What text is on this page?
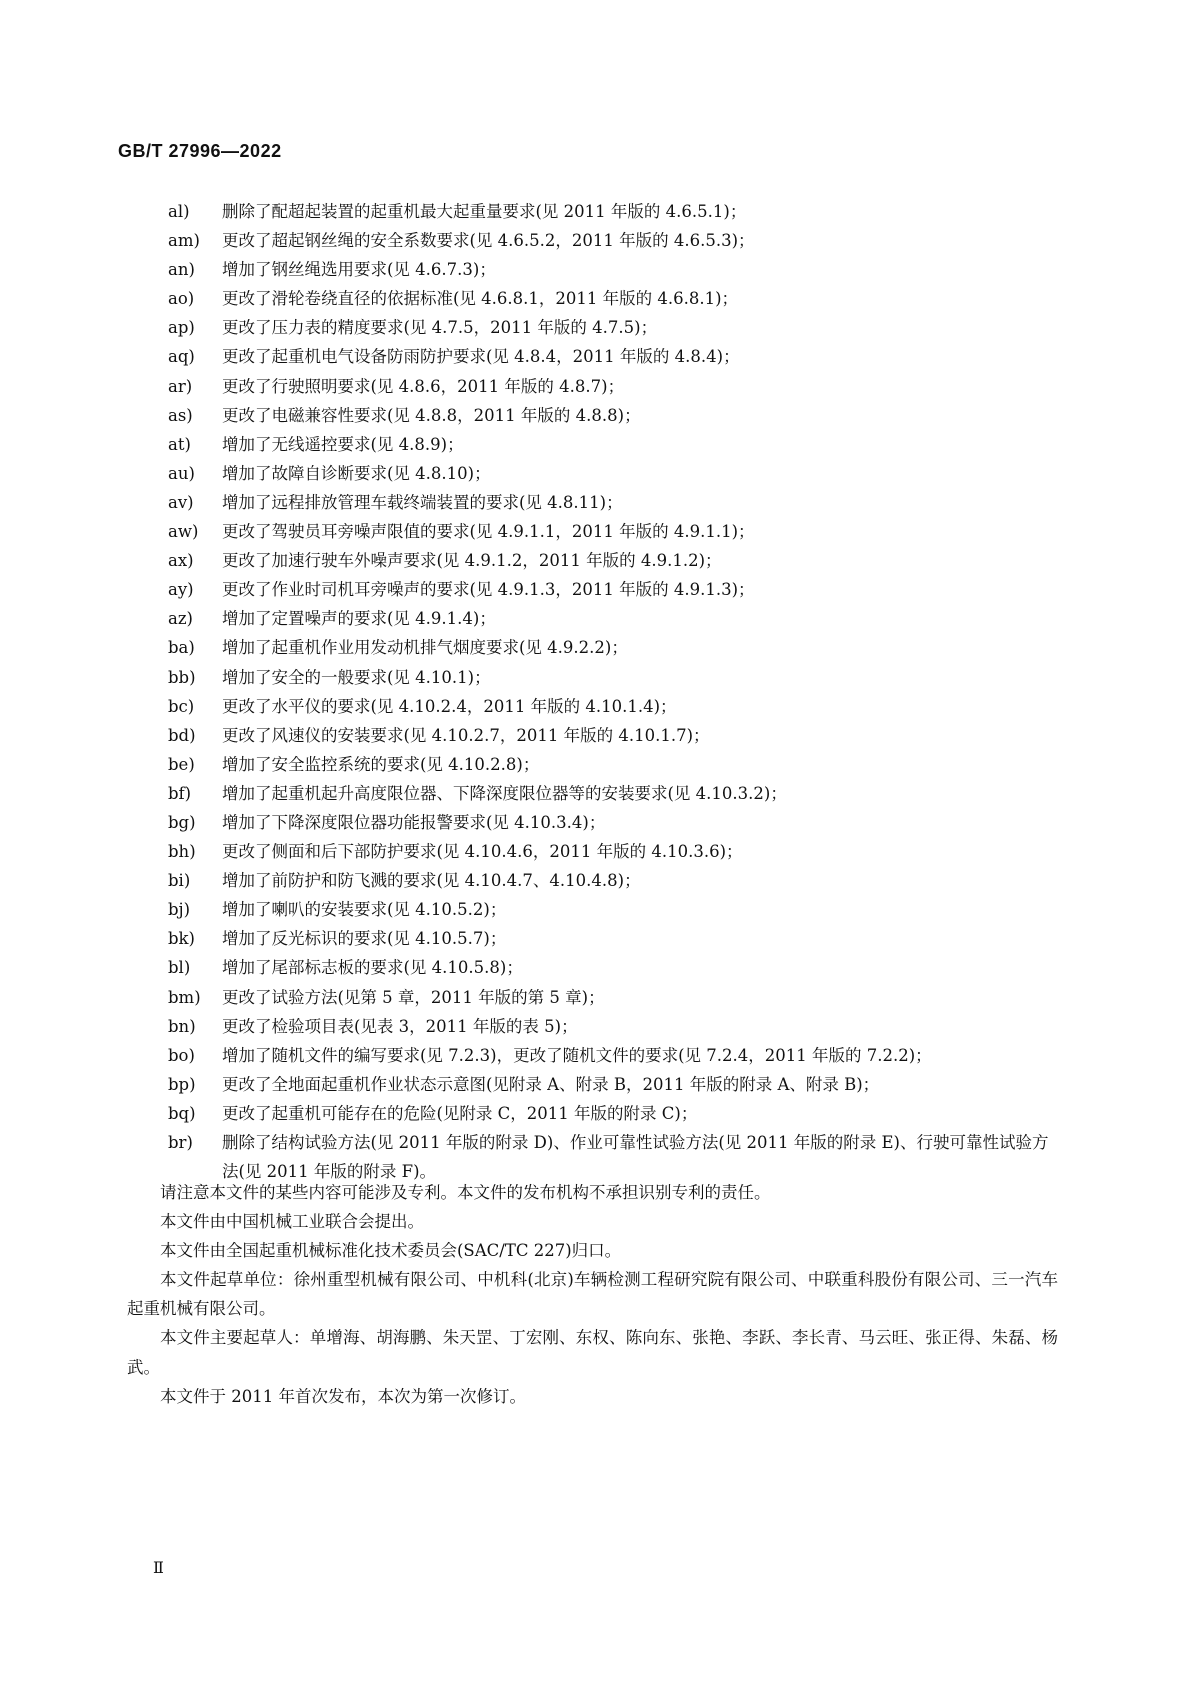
GB/T 27996—2022
al)	删除了配超起装置的起重机最大起重量要求(见 2011 年版的 4.6.5.1)；
am)	更改了超起钢丝绳的安全系数要求(见 4.6.5.2，2011 年版的 4.6.5.3)；
an)	增加了钢丝绳选用要求(见 4.6.7.3)；
ao)	更改了滑轮卷绕直径的依据标准(见 4.6.8.1，2011 年版的 4.6.8.1)；
ap)	更改了压力表的精度要求(见 4.7.5，2011 年版的 4.7.5)；
aq)	更改了起重机电气设备防雨防护要求(见 4.8.4，2011 年版的 4.8.4)；
ar)	更改了行驶照明要求(见 4.8.6，2011 年版的 4.8.7)；
as)	更改了电磁兼容性要求(见 4.8.8，2011 年版的 4.8.8)；
at)	增加了无线遥控要求(见 4.8.9)；
au)	增加了故障自诊断要求(见 4.8.10)；
av)	增加了远程排放管理车载终端装置的要求(见 4.8.11)；
aw)	更改了驾驶员耳旁噪声限值的要求(见 4.9.1.1，2011 年版的 4.9.1.1)；
ax)	更改了加速行驶车外噪声要求(见 4.9.1.2，2011 年版的 4.9.1.2)；
ay)	更改了作业时司机耳旁噪声的要求(见 4.9.1.3，2011 年版的 4.9.1.3)；
az)	增加了定置噪声的要求(见 4.9.1.4)；
ba)	增加了起重机作业用发动机排气烟度要求(见 4.9.2.2)；
bb)	增加了安全的一般要求(见 4.10.1)；
bc)	更改了水平仪的要求(见 4.10.2.4，2011 年版的 4.10.1.4)；
bd)	更改了风速仪的安装要求(见 4.10.2.7，2011 年版的 4.10.1.7)；
be)	增加了安全监控系统的要求(见 4.10.2.8)；
bf)	增加了起重机起升高度限位器、下降深度限位器等的安装要求(见 4.10.3.2)；
bg)	增加了下降深度限位器功能报警要求(见 4.10.3.4)；
bh)	更改了侧面和后下部防护要求(见 4.10.4.6，2011 年版的 4.10.3.6)；
bi)	增加了前防护和防飞溅的要求(见 4.10.4.7、4.10.4.8)；
bj)	增加了喇叭的安装要求(见 4.10.5.2)；
bk)	增加了反光标识的要求(见 4.10.5.7)；
bl)	增加了尾部标志板的要求(见 4.10.5.8)；
bm)	更改了试验方法(见第 5 章，2011 年版的第 5 章)；
bn)	更改了检验项目表(见表 3，2011 年版的表 5)；
bo)	增加了随机文件的编写要求(见 7.2.3)，更改了随机文件的要求(见 7.2.4，2011 年版的 7.2.2)；
bp)	更改了全地面起重机作业状态示意图(见附录 A、附录 B，2011 年版的附录 A、附录 B)；
bq)	更改了起重机可能存在的危险(见附录 C，2011 年版的附录 C)；
br)	删除了结构试验方法(见 2011 年版的附录 D)、作业可靠性试验方法(见 2011 年版的附录 E)、行驶可靠性试验方法(见 2011 年版的附录 F)。

请注意本文件的某些内容可能涉及专利。本文件的发布机构不承担识别专利的责任。

本文件由中国机械工业联合会提出。

本文件由全国起重机械标准化技术委员会(SAC/TC 227)归口。

本文件起草单位：徐州重型机械有限公司、中机科(北京)车辆检测工程研究院有限公司、中联重科股份有限公司、三一汽车起重机械有限公司。

本文件主要起草人：单增海、胡海鹏、朱天罡、丁宏刚、东权、陈向东、张艳、李跃、李长青、马云旺、张正得、朱磊、杨武。

本文件于 2011 年首次发布，本次为第一次修订。

Ⅱ
